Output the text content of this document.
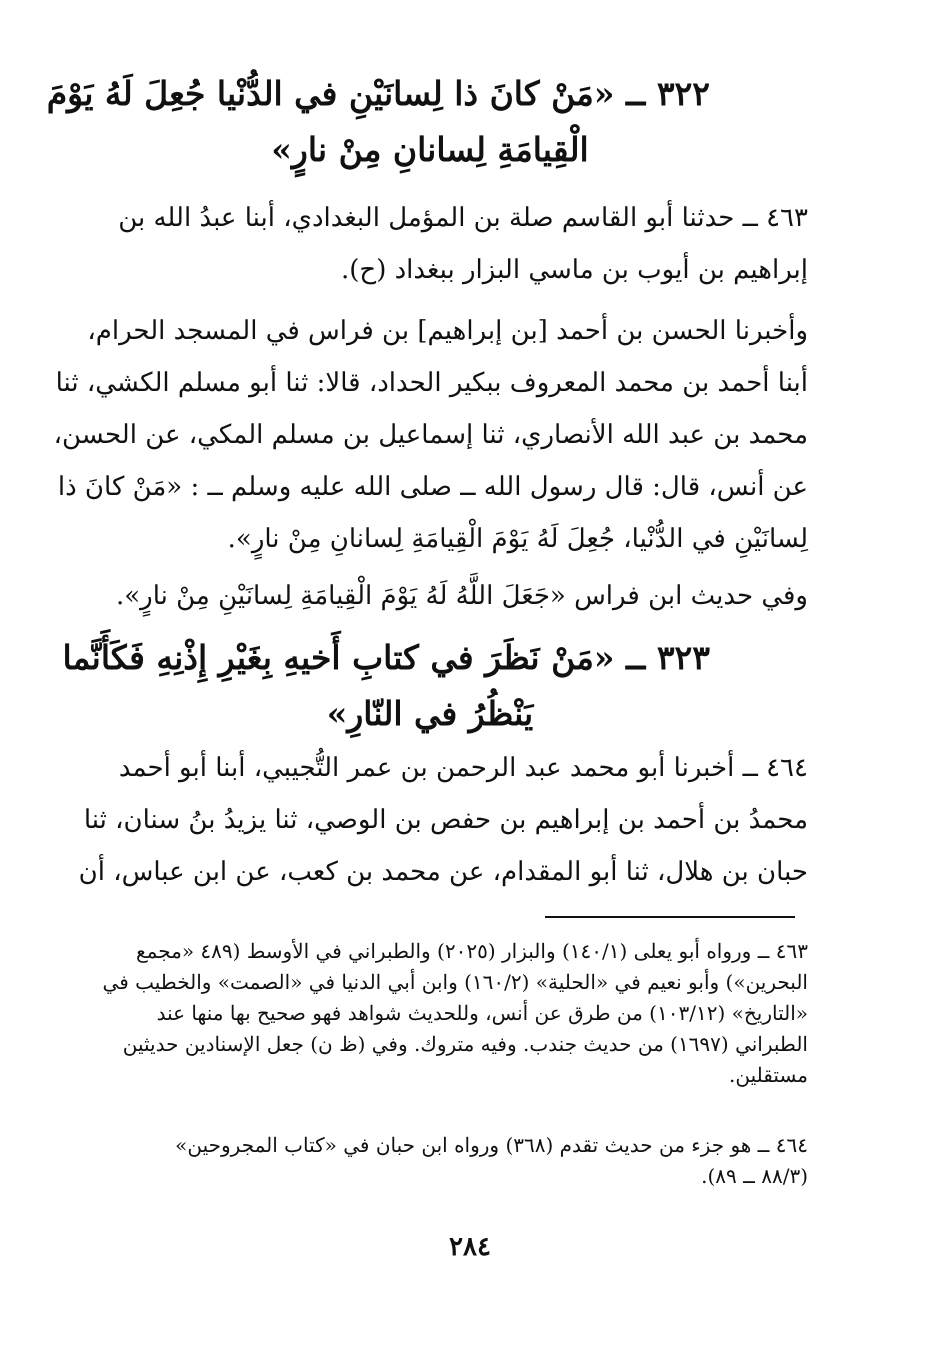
٣٢٢ ــ «مَنْ كانَ ذا لِسانَيْنِ في الدُّنْيا جُعِلَ لَهُ يَوْمَ
الْقِيامَةِ لِسانانِ مِنْ نارٍ»
٤٦٣ ــ حدثنا أبو القاسم صلة بن المؤمل البغدادي، أبنا عبدُ الله بن
إبراهيم بن أيوب بن ماسي البزار ببغداد (ح).
وأخبرنا الحسن بن أحمد [بن إبراهيم] بن فراس في المسجد الحرام،
أبنا أحمد بن محمد المعروف ببكير الحداد، قالا: ثنا أبو مسلم الكشي، ثنا
محمد بن عبد الله الأنصاري، ثنا إسماعيل بن مسلم المكي، عن الحسن،
عن أنس، قال: قال رسول الله ــ صلى الله عليه وسلم ــ : «مَنْ كانَ ذا
لِسانَيْنِ في الدُّنْيا، جُعِلَ لَهُ يَوْمَ الْقِيامَةِ لِسانانِ مِنْ نارٍ».
وفي حديث ابن فراس «جَعَلَ اللَّهُ لَهُ يَوْمَ الْقِيامَةِ لِسانَيْنِ مِنْ نارٍ».
٣٢٣ ــ «مَنْ نَظَرَ في كتابِ أَخيهِ بِغَيْرِ إِذْنِهِ فَكَأَنَّما
يَنْظُرُ في النّارِ»
٤٦٤ ــ أخبرنا أبو محمد عبد الرحمن بن عمر التُّجيبي، أبنا أبو أحمد
محمدُ بن أحمد بن إبراهيم بن حفص بن الوصي، ثنا يزيدُ بنُ سنان، ثنا
حبان بن هلال، ثنا أبو المقدام، عن محمد بن كعب، عن ابن عباس، أن
٤٦٣ ــ ورواه أبو يعلى (١٤٠/١) والبزار (٢٠٢٥) والطبراني في الأوسط (٤٨٩ «مجمع
البحرين») وأبو نعيم في «الحلية» (١٦٠/٢) وابن أبي الدنيا في «الصمت» والخطيب في
«التاريخ» (١٠٣/١٢) من طرق عن أنس، وللحديث شواهد فهو صحيح بها منها عند
الطبراني (١٦٩٧) من حديث جندب. وفيه متروك. وفي (ظ ن) جعل الإسنادين حديثين
مستقلين.
٤٦٤ ــ هو جزء من حديث تقدم (٣٦٨) ورواه ابن حبان في «كتاب المجروحين»
(٨٨/٣ ــ ٨٩).
٢٨٤
